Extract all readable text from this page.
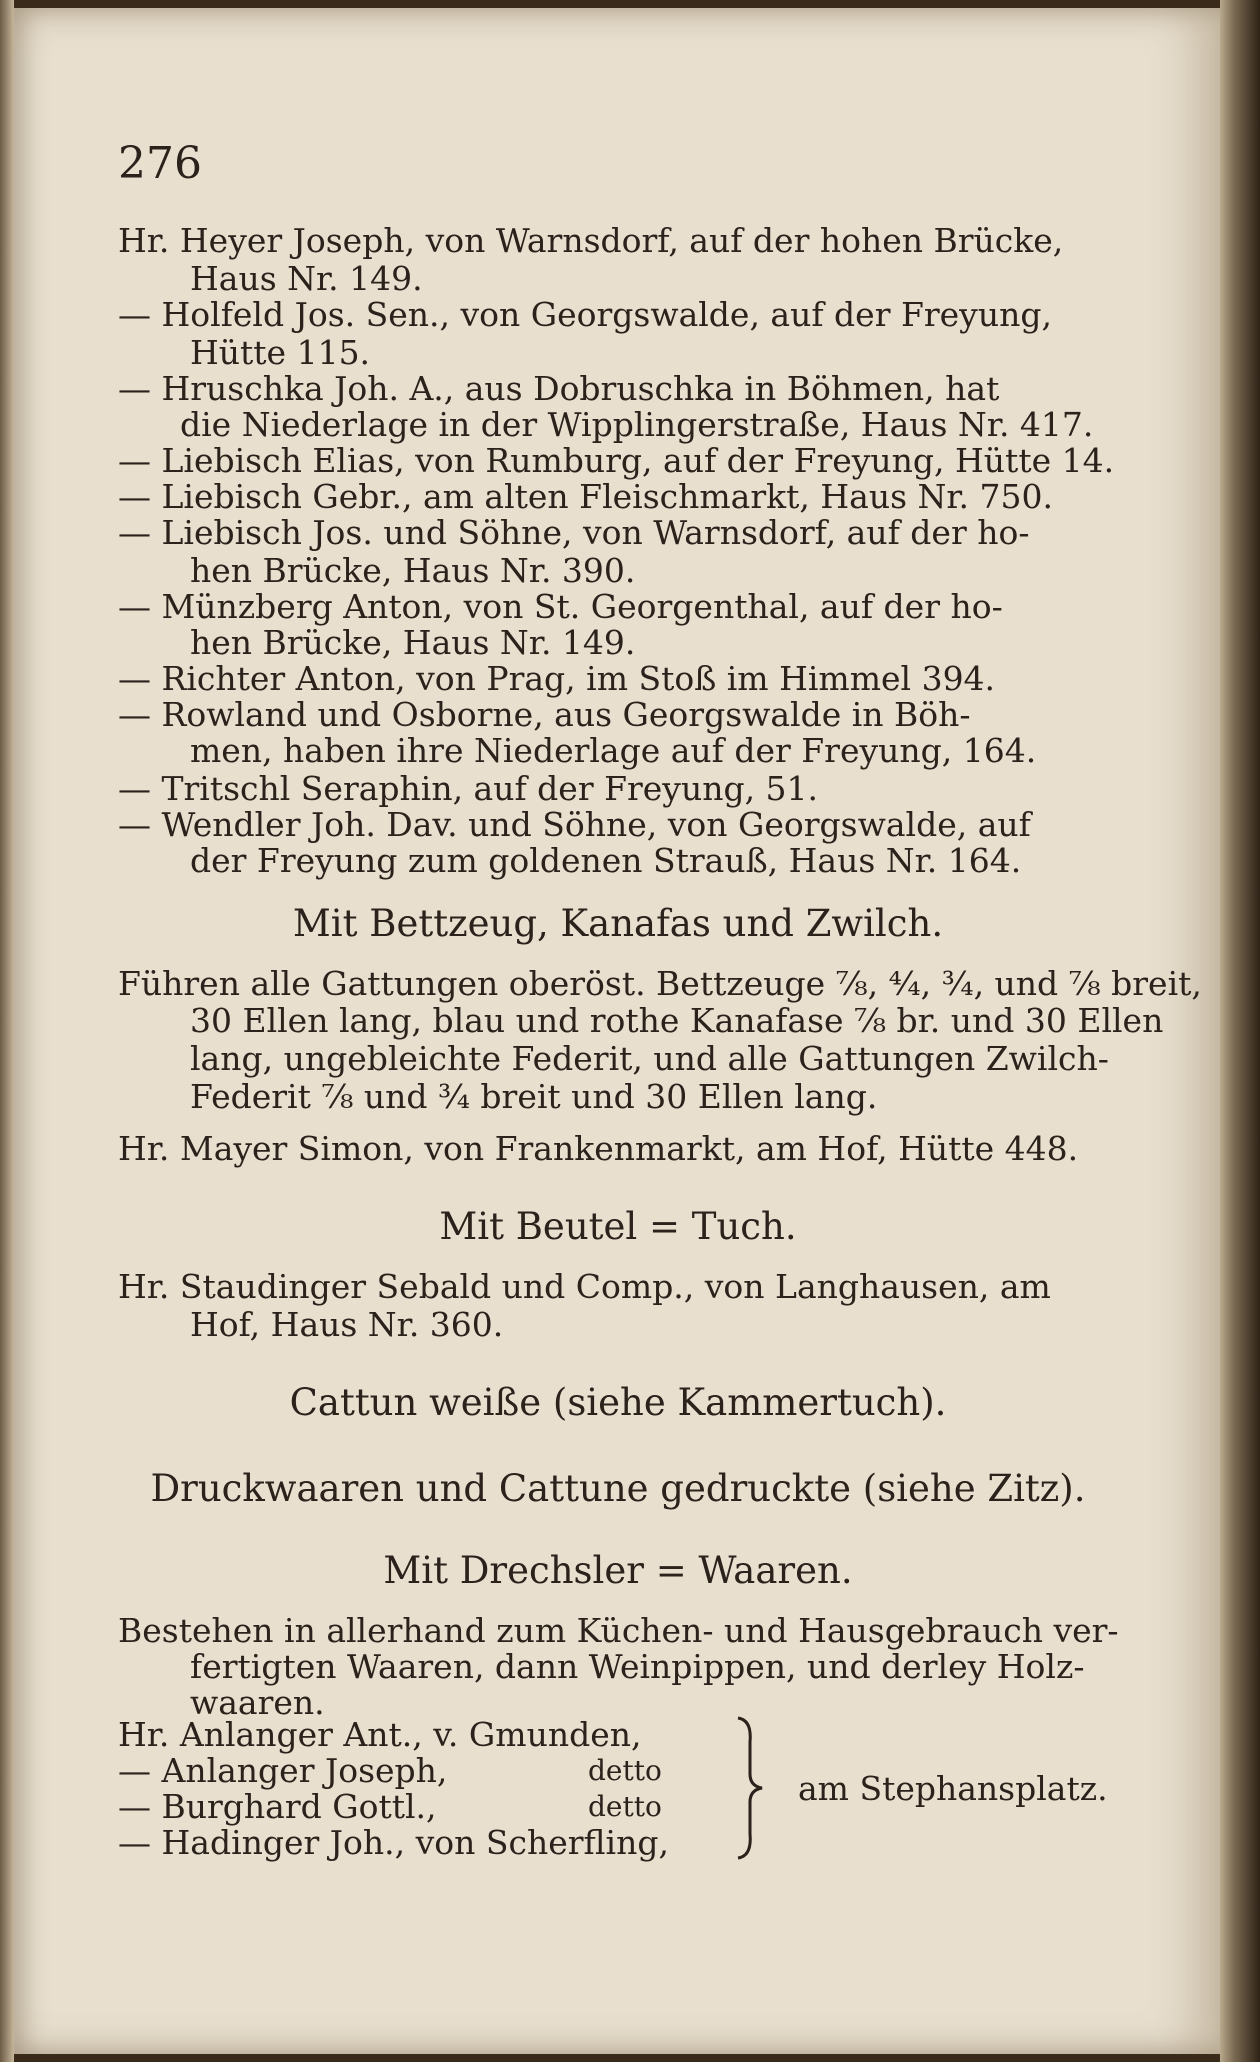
276
Hr. Heyer Joseph, von Warnsdorf, auf der hohen Brücke,
Haus Nr. 149.
— Holfeld Jos. Sen., von Georgswalde, auf der Freyung,
Hütte 115.
— Hruschka Joh. A., aus Dobruschka in Böhmen, hat
die Niederlage in der Wipplingerstraße, Haus Nr. 417.
— Liebisch Elias, von Rumburg, auf der Freyung, Hütte 14.
— Liebisch Gebr., am alten Fleischmarkt, Haus Nr. 750.
— Liebisch Jos. und Söhne, von Warnsdorf, auf der ho-
hen Brücke, Haus Nr. 390.
— Münzberg Anton, von St. Georgenthal, auf der ho-
hen Brücke, Haus Nr. 149.
— Richter Anton, von Prag, im Stoß im Himmel 394.
— Rowland und Osborne, aus Georgswalde in Böh-
men, haben ihre Niederlage auf der Freyung, 164.
— Tritschl Seraphin, auf der Freyung, 51.
— Wendler Joh. Dav. und Söhne, von Georgswalde, auf
der Freyung zum goldenen Strauß, Haus Nr. 164.
Mit Bettzeug, Kanafas und Zwilch.
Führen alle Gattungen oberöst. Bettzeuge ⅞, ⁴⁄₄, ¾, und ⅞ breit,
30 Ellen lang, blau und rothe Kanafase ⅞ br. und 30 Ellen
lang, ungebleichte Federit, und alle Gattungen Zwilch-
Federit ⅞ und ¾ breit und 30 Ellen lang.
Hr. Mayer Simon, von Frankenmarkt, am Hof, Hütte 448.
Mit Beutel = Tuch.
Hr. Staudinger Sebald und Comp., von Langhausen, am
Hof, Haus Nr. 360.
Cattun weiße (siehe Kammertuch).
Druckwaaren und Cattune gedruckte (siehe Zitz).
Mit Drechsler = Waaren.
Bestehen in allerhand zum Küchen- und Hausgebrauch ver-
fertigten Waaren, dann Weinpippen, und derley Holz-
waaren.
Hr. Anlanger Ant., v. Gmunden,
— Anlanger Joseph,	detto
— Burghard Gottl.,	detto
— Hadinger Joh., von Scherfling,
am Stephansplatz.
